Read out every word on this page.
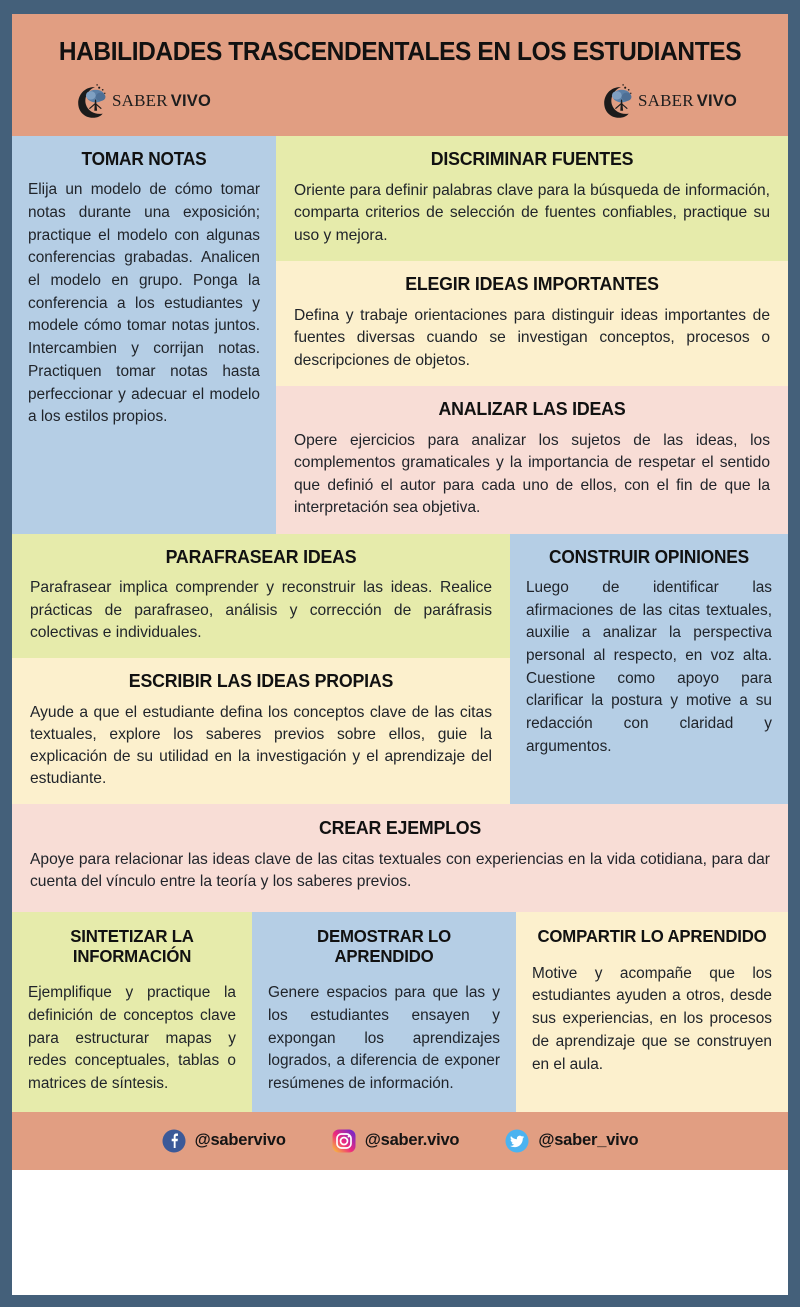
HABILIDADES TRASCENDENTALES EN LOS ESTUDIANTES
SABER VIVO	SABER VIVO
TOMAR NOTAS

Elija un modelo de cómo tomar notas durante una exposición; practique el modelo con algunas conferencias grabadas. Analicen el modelo en grupo. Ponga la conferencia a los estudiantes y modele cómo tomar notas juntos. Intercambien y corrijan notas. Practiquen tomar notas hasta perfeccionar y adecuar el modelo a los estilos propios.

DISCRIMINAR FUENTES

Oriente para definir palabras clave para la búsqueda de información, comparta criterios de selección de fuentes confiables, practique su uso y mejora.

ELEGIR IDEAS IMPORTANTES

Defina y trabaje orientaciones para distinguir ideas importantes de fuentes diversas cuando se investigan conceptos, procesos o descripciones de objetos.

ANALIZAR LAS IDEAS

Opere ejercicios para analizar los sujetos de las ideas, los complementos gramaticales y la importancia de respetar el sentido que definió el autor para cada uno de ellos, con el fin de que la interpretación sea objetiva.

PARAFRASEAR IDEAS

Parafrasear implica comprender y reconstruir las ideas. Realice prácticas de parafraseo, análisis y corrección de paráfrasis colectivas e individuales.

ESCRIBIR LAS IDEAS PROPIAS

Ayude a que el estudiante defina los conceptos clave de las citas textuales, explore los saberes previos sobre ellos, guie la explicación de su utilidad en la investigación y el aprendizaje del estudiante.

CONSTRUIR OPINIONES

Luego de identificar las afirmaciones de las citas textuales, auxilie a analizar la perspectiva personal al respecto, en voz alta. Cuestione como apoyo para clarificar la postura y motive a su redacción con claridad y argumentos.

CREAR EJEMPLOS

Apoye para relacionar las ideas clave de las citas textuales con experiencias en la vida cotidiana, para dar cuenta del vínculo entre la teoría y los saberes previos.

SINTETIZAR LA INFORMACIÓN

Ejemplifique y practique la definición de conceptos clave para estructurar mapas y redes conceptuales, tablas o matrices de síntesis.

DEMOSTRAR LO APRENDIDO

Genere espacios para que las y los estudiantes ensayen y expongan los aprendizajes logrados, a diferencia de exponer resúmenes de información.

COMPARTIR LO APRENDIDO

Motive y acompañe que los estudiantes ayuden a otros, desde sus experiencias, en los procesos de aprendizaje que se construyen en el aula.

@sabervivo	@saber.vivo	@saber_vivo
